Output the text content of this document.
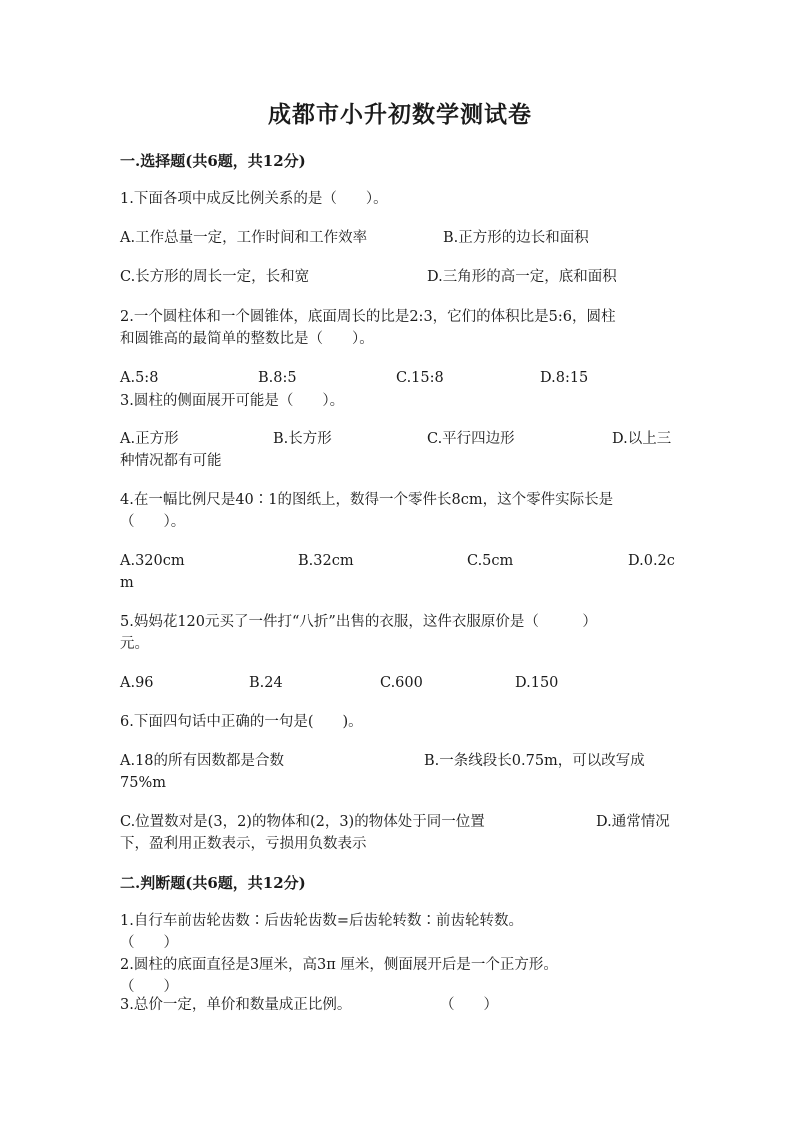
成都市小升初数学测试卷
一.选择题(共6题，共12分)
1.下面各项中成反比例关系的是（　　）。
A.工作总量一定，工作时间和工作效率	B.正方形的边长和面积
C.长方形的周长一定，长和宽	D.三角形的高一定，底和面积
2.一个圆柱体和一个圆锥体，底面周长的比是2:3，它们的体积比是5:6，圆柱
和圆锥高的最简单的整数比是（　　）。
A.5:8	B.8:5	C.15:8	D.8:15
3.圆柱的侧面展开可能是（　　）。
A.正方形	B.长方形	C.平行四边形	D.以上三
种情况都有可能
4.在一幅比例尺是40∶1的图纸上，数得一个零件长8cm，这个零件实际长是
（　　）。
A.320cm	B.32cm	C.5cm	D.0.2c
m
5.妈妈花120元买了一件打“八折”出售的衣服，这件衣服原价是（　　　）
元。
A.96	B.24	C.600	D.150
6.下面四句话中正确的一句是(　　)。
A.18的所有因数都是合数	B.一条线段长0.75m，可以改写成
75%m
C.位置数对是(3，2)的物体和(2，3)的物体处于同一位置	D.通常情况
下，盈利用正数表示，亏损用负数表示
二.判断题(共6题，共12分)
1.自行车前齿轮齿数∶后齿轮齿数=后齿轮转数∶前齿轮转数。
（　　）
2.圆柱的底面直径是3厘米，高3π 厘米，侧面展开后是一个正方形。
（　　）
3.总价一定，单价和数量成正比例。	（　　）
